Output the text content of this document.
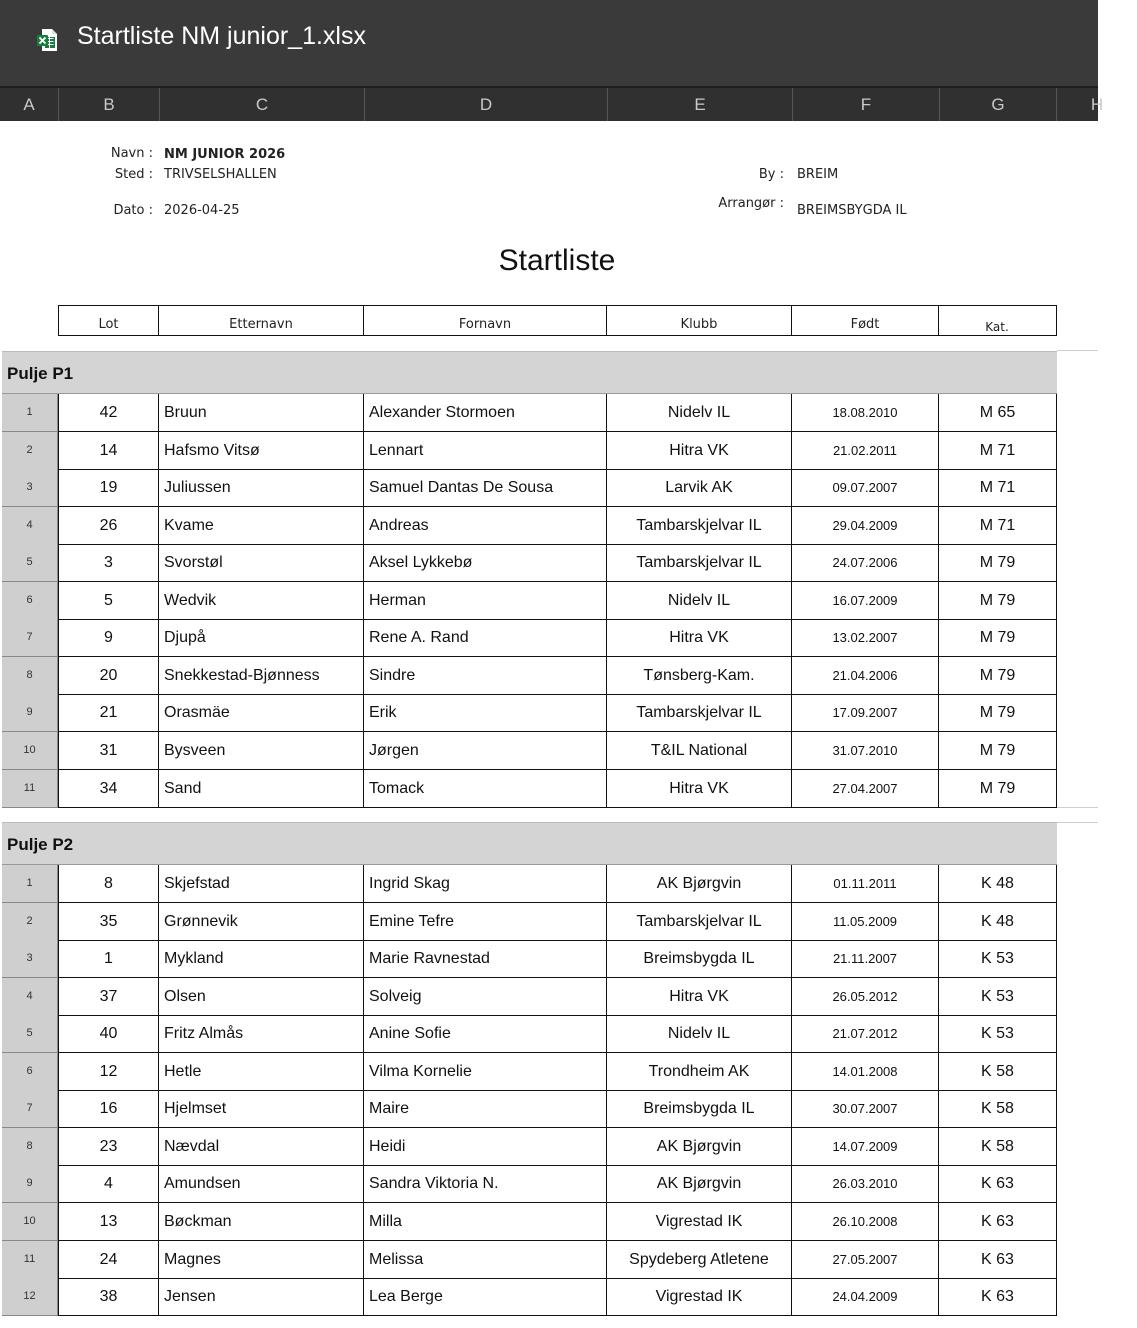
Startliste NM junior_1.xlsx
A	B	C	D	E	F	G	H
Navn : NM JUNIOR 2026
Sted : TRIVSELSHALLEN
Dato : 2026-04-25
By : BREIM
Arrangør : BREIMSBYGDA IL
Startliste
Lot	Etternavn	Fornavn	Klubb	Født	Kat.
Pulje P1
1	42	Bruun	Alexander Stormoen	Nidelv IL	18.08.2010	M 65
2	14	Hafsmo Vitsø	Lennart	Hitra VK	21.02.2011	M 71
3	19	Juliussen	Samuel Dantas De Sousa	Larvik AK	09.07.2007	M 71
4	26	Kvame	Andreas	Tambarskjelvar IL	29.04.2009	M 71
5	3	Svorstøl	Aksel Lykkebø	Tambarskjelvar IL	24.07.2006	M 79
6	5	Wedvik	Herman	Nidelv IL	16.07.2009	M 79
7	9	Djupå	Rene A. Rand	Hitra VK	13.02.2007	M 79
8	20	Snekkestad-Bjønness	Sindre	Tønsberg-Kam.	21.04.2006	M 79
9	21	Orasmäe	Erik	Tambarskjelvar IL	17.09.2007	M 79
10	31	Bysveen	Jørgen	T&IL National	31.07.2010	M 79
11	34	Sand	Tomack	Hitra VK	27.04.2007	M 79
Pulje P2
1	8	Skjefstad	Ingrid Skag	AK Bjørgvin	01.11.2011	K 48
2	35	Grønnevik	Emine Tefre	Tambarskjelvar IL	11.05.2009	K 48
3	1	Mykland	Marie Ravnestad	Breimsbygda IL	21.11.2007	K 53
4	37	Olsen	Solveig	Hitra VK	26.05.2012	K 53
5	40	Fritz Almås	Anine Sofie	Nidelv IL	21.07.2012	K 53
6	12	Hetle	Vilma Kornelie	Trondheim AK	14.01.2008	K 58
7	16	Hjelmset	Maire	Breimsbygda IL	30.07.2007	K 58
8	23	Nævdal	Heidi	AK Bjørgvin	14.07.2009	K 58
9	4	Amundsen	Sandra Viktoria N.	AK Bjørgvin	26.03.2010	K 63
10	13	Bøckman	Milla	Vigrestad IK	26.10.2008	K 63
11	24	Magnes	Melissa	Spydeberg Atletene	27.05.2007	K 63
12	38	Jensen	Lea Berge	Vigrestad IK	24.04.2009	K 63
